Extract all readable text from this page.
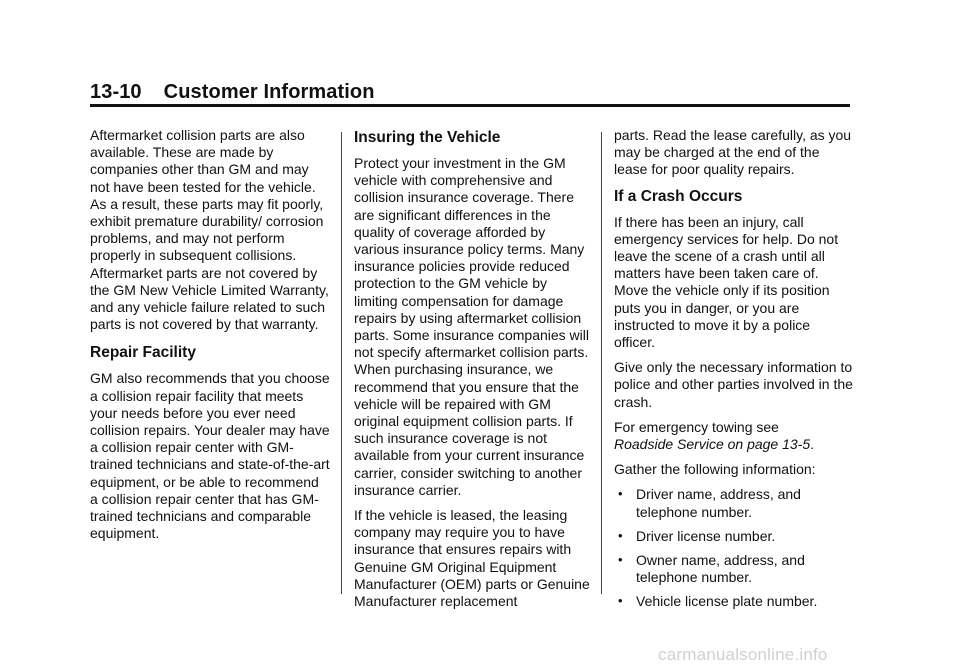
13-10 Customer Information

Aftermarket collision parts are also available. These are made by companies other than GM and may not have been tested for the vehicle. As a result, these parts may fit poorly, exhibit premature durability/ corrosion problems, and may not perform properly in subsequent collisions. Aftermarket parts are not covered by the GM New Vehicle Limited Warranty, and any vehicle failure related to such parts is not covered by that warranty.

Repair Facility

GM also recommends that you choose a collision repair facility that meets your needs before you ever need collision repairs. Your dealer may have a collision repair center with GM-trained technicians and state-of-the-art equipment, or be able to recommend a collision repair center that has GM-trained technicians and comparable equipment.

Insuring the Vehicle

Protect your investment in the GM vehicle with comprehensive and collision insurance coverage. There are significant differences in the quality of coverage afforded by various insurance policy terms. Many insurance policies provide reduced protection to the GM vehicle by limiting compensation for damage repairs by using aftermarket collision parts. Some insurance companies will not specify aftermarket collision parts. When purchasing insurance, we recommend that you ensure that the vehicle will be repaired with GM original equipment collision parts. If such insurance coverage is not available from your current insurance carrier, consider switching to another insurance carrier.

If the vehicle is leased, the leasing company may require you to have insurance that ensures repairs with Genuine GM Original Equipment Manufacturer (OEM) parts or Genuine Manufacturer replacement

parts. Read the lease carefully, as you may be charged at the end of the lease for poor quality repairs.

If a Crash Occurs

If there has been an injury, call emergency services for help. Do not leave the scene of a crash until all matters have been taken care of. Move the vehicle only if its position puts you in danger, or you are instructed to move it by a police officer.

Give only the necessary information to police and other parties involved in the crash.

For emergency towing see
Roadside Service on page 13-5.

Gather the following information:

• Driver name, address, and telephone number.
• Driver license number.
• Owner name, address, and telephone number.
• Vehicle license plate number.
carmanualsonline.info
